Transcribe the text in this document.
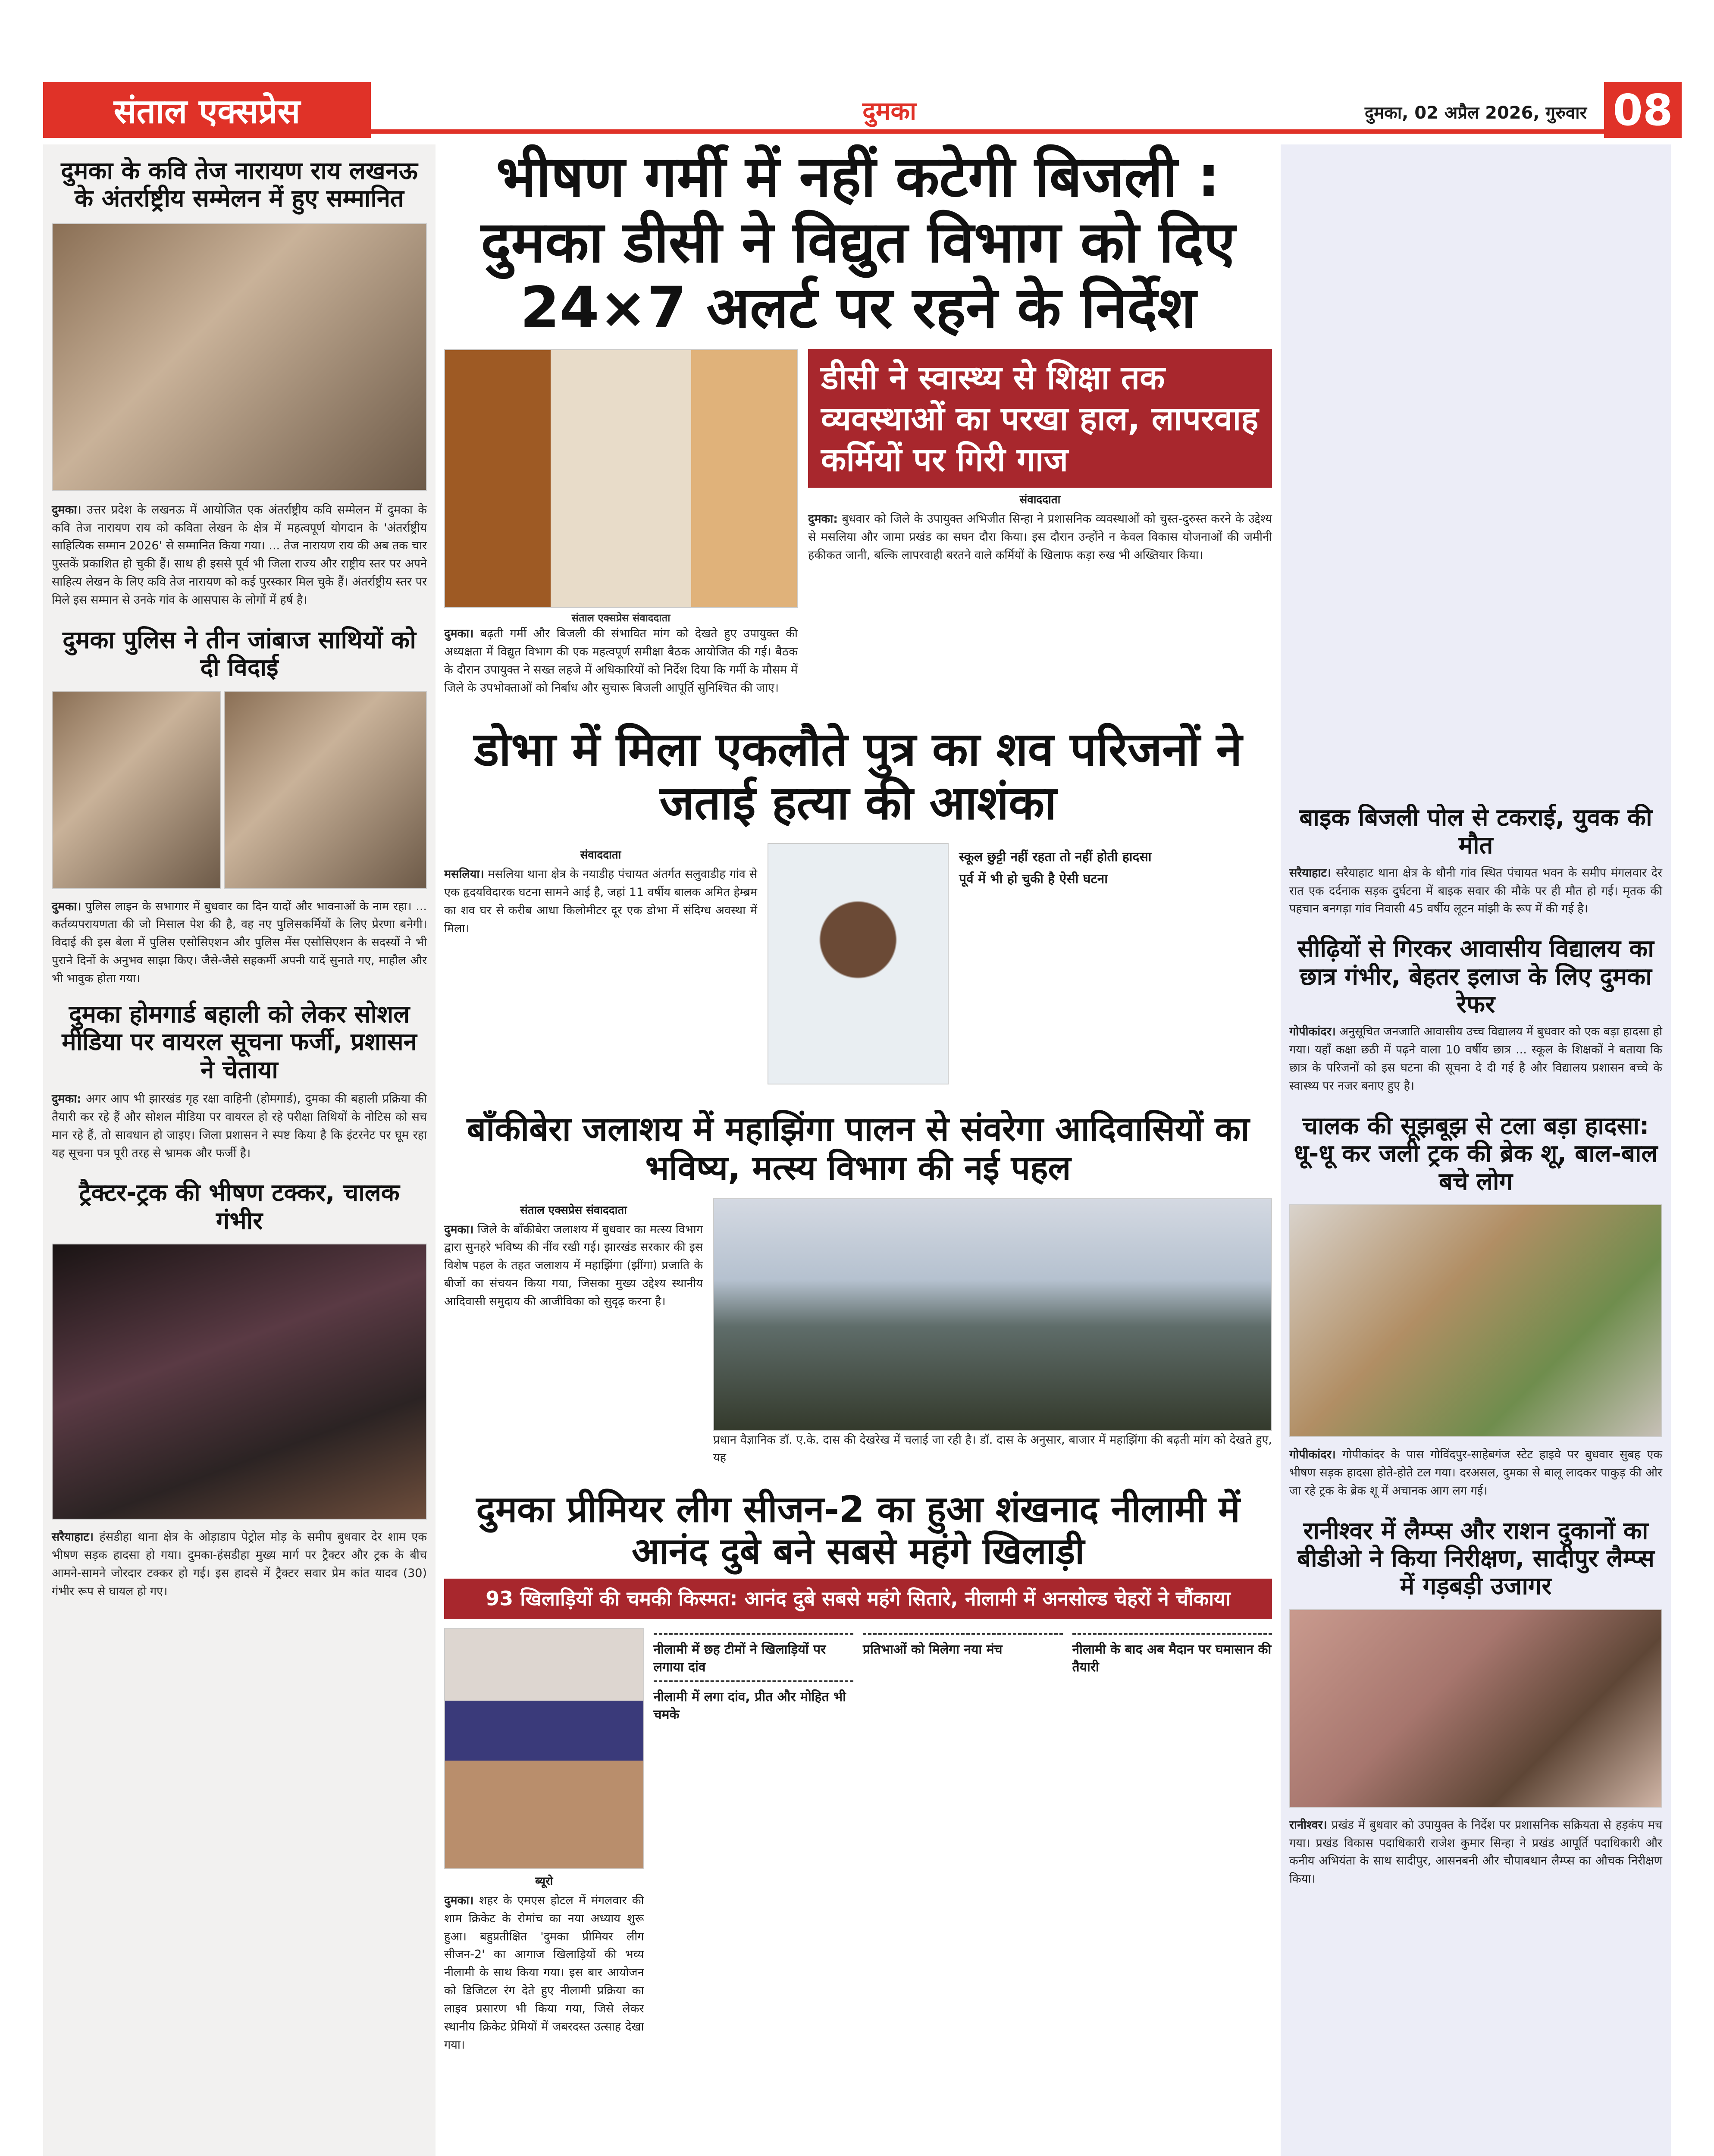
संताल एक्सप्रेस	दुमका	दुमका, 02 अप्रैल 2026, गुरुवार 08
दुमका के कवि तेज नारायण राय लखनऊ के अंतर्राष्ट्रीय सम्मेलन में हुए सम्मानित

दुमका। उत्तर प्रदेश के लखनऊ में आयोजित एक अंतर्राष्ट्रीय कवि सम्मेलन में दुमका के कवि तेज नारायण राय को कविता लेखन के क्षेत्र में महत्वपूर्ण योगदान के 'अंतर्राष्ट्रीय साहित्यिक सम्मान 2026' से सम्मानित किया गया। ... तेज नारायण राय की अब तक चार पुस्तकें प्रकाशित हो चुकी हैं। साथ ही इससे पूर्व भी जिला राज्य और राष्ट्रीय स्तर पर अपने साहित्य लेखन के लिए कवि तेज नारायण को कई पुरस्कार मिल चुके हैं। अंतर्राष्ट्रीय स्तर पर मिले इस सम्मान से उनके गांव के आसपास के लोगों में हर्ष है।

दुमका पुलिस ने तीन जांबाज साथियों को दी विदाई

दुमका। पुलिस लाइन के सभागार में बुधवार का दिन यादों और भावनाओं के नाम रहा। ... कर्तव्यपरायणता की जो मिसाल पेश की है, वह नए पुलिसकर्मियों के लिए प्रेरणा बनेगी। विदाई की इस बेला में पुलिस एसोसिएशन और पुलिस मेंस एसोसिएशन के सदस्यों ने भी पुराने दिनों के अनुभव साझा किए। जैसे-जैसे सहकर्मी अपनी यादें सुनाते गए, माहौल और भी भावुक होता गया।

दुमका होमगार्ड बहाली को लेकर सोशल मीडिया पर वायरल सूचना फर्जी, प्रशासन ने चेताया

दुमका: अगर आप भी झारखंड गृह रक्षा वाहिनी (होमगार्ड), दुमका की बहाली प्रक्रिया की तैयारी कर रहे हैं और सोशल मीडिया पर वायरल हो रहे परीक्षा तिथियों के नोटिस को सच मान रहे हैं, तो सावधान हो जाइए। जिला प्रशासन ने स्पष्ट किया है कि इंटरनेट पर घूम रहा यह सूचना पत्र पूरी तरह से भ्रामक और फर्जी है।

ट्रैक्टर-ट्रक की भीषण टक्कर, चालक गंभीर

सरैयाहाट। हंसडीहा थाना क्षेत्र के ओड़ाडाप पेट्रोल मोड़ के समीप बुधवार देर शाम एक भीषण सड़क हादसा हो गया। दुमका-हंसडीहा मुख्य मार्ग पर ट्रैक्टर और ट्रक के बीच आमने-सामने जोरदार टक्कर हो गई। इस हादसे में ट्रैक्टर सवार प्रेम कांत यादव (30) गंभीर रूप से घायल हो गए।

भीषण गर्मी में नहीं कटेगी बिजली : दुमका डीसी ने विद्युत विभाग को दिए 24×7 अलर्ट पर रहने के निर्देश
संताल एक्सप्रेस संवाददाता

दुमका। बढ़ती गर्मी और बिजली की संभावित मांग को देखते हुए उपायुक्त की अध्यक्षता में विद्युत विभाग की एक महत्वपूर्ण समीक्षा बैठक आयोजित की गई। बैठक के दौरान उपायुक्त ने सख्त लहजे में अधिकारियों को निर्देश दिया कि गर्मी के मौसम में जिले के उपभोक्ताओं को निर्बाध और सुचारू बिजली आपूर्ति सुनिश्चित की जाए।

डीसी ने स्वास्थ्य से शिक्षा तक व्यवस्थाओं का परखा हाल, लापरवाह कर्मियों पर गिरी गाज
संवाददाता

दुमका: बुधवार को जिले के उपायुक्त अभिजीत सिन्हा ने प्रशासनिक व्यवस्थाओं को चुस्त-दुरुस्त करने के उद्देश्य से मसलिया और जामा प्रखंड का सघन दौरा किया। इस दौरान उन्होंने न केवल विकास योजनाओं की जमीनी हकीकत जानी, बल्कि लापरवाही बरतने वाले कर्मियों के खिलाफ कड़ा रुख भी अख्तियार किया।

डोभा में मिला एकलौते पुत्र का शव परिजनों ने जताई हत्या की आशंका
संवाददाता

मसलिया। मसलिया थाना क्षेत्र के नयाडीह पंचायत अंतर्गत सलुवाडीह गांव से एक हृदयविदारक घटना सामने आई है, जहां 11 वर्षीय बालक अमित हेम्ब्रम का शव घर से करीब आधा किलोमीटर दूर एक डोभा में संदिग्ध अवस्था में मिला।

स्कूल छुट्टी नहीं रहता तो नहीं होती हादसा
पूर्व में भी हो चुकी है ऐसी घटना
बाँकीबेरा जलाशय में महाझिंगा पालन से संवरेगा आदिवासियों का भविष्य, मत्स्य विभाग की नई पहल
संताल एक्सप्रेस संवाददाता

दुमका। जिले के बाँकीबेरा जलाशय में बुधवार का मत्स्य विभाग द्वारा सुनहरे भविष्य की नींव रखी गई। झारखंड सरकार की इस विशेष पहल के तहत जलाशय में महाझिंगा (झींगा) प्रजाति के बीजों का संचयन किया गया, जिसका मुख्य उद्देश्य स्थानीय आदिवासी समुदाय की आजीविका को सुदृढ़ करना है।

प्रधान वैज्ञानिक डॉ. ए.के. दास की देखरेख में चलाई जा रही है। डॉ. दास के अनुसार, बाजार में महाझिंगा की बढ़ती मांग को देखते हुए, यह

दुमका प्रीमियर लीग सीजन-2 का हुआ शंखनाद नीलामी में आनंद दुबे बने सबसे महंगे खिलाड़ी
93 खिलाड़ियों की चमकी किस्मत: आनंद दुबे सबसे महंगे सितारे, नीलामी में अनसोल्ड चेहरों ने चौंकाया
ब्यूरो

दुमका। शहर के एमएस होटल में मंगलवार की शाम क्रिकेट के रोमांच का नया अध्याय शुरू हुआ। बहुप्रतीक्षित 'दुमका प्रीमियर लीग सीजन-2' का आगाज खिलाड़ियों की भव्य नीलामी के साथ किया गया। इस बार आयोजन को डिजिटल रंग देते हुए नीलामी प्रक्रिया का लाइव प्रसारण भी किया गया, जिसे लेकर स्थानीय क्रिकेट प्रेमियों में जबरदस्त उत्साह देखा गया।

नीलामी में छह टीमों ने खिलाड़ियों पर लगाया दांव
नीलामी में लगा दांव, प्रीत और मोहित भी चमके
प्रतिभाओं को मिलेगा नया मंच	नीलामी के बाद अब मैदान पर घमासान की तैयारी
बाइक बिजली पोल से टकराई, युवक की मौत

सरैयाहाट। सरैयाहाट थाना क्षेत्र के धौनी गांव स्थित पंचायत भवन के समीप मंगलवार देर रात एक दर्दनाक सड़क दुर्घटना में बाइक सवार की मौके पर ही मौत हो गई। मृतक की पहचान बनगड़ा गांव निवासी 45 वर्षीय लूटन मांझी के रूप में की गई है।

सीढ़ियों से गिरकर आवासीय विद्यालय का छात्र गंभीर, बेहतर इलाज के लिए दुमका रेफर

गोपीकांदर। अनुसूचित जनजाति आवासीय उच्च विद्यालय में बुधवार को एक बड़ा हादसा हो गया। यहाँ कक्षा छठी में पढ़ने वाला 10 वर्षीय छात्र ... स्कूल के शिक्षकों ने बताया कि छात्र के परिजनों को इस घटना की सूचना दे दी गई है और विद्यालय प्रशासन बच्चे के स्वास्थ्य पर नजर बनाए हुए है।

चालक की सूझबूझ से टला बड़ा हादसा: धू-धू कर जली ट्रक की ब्रेक शू, बाल-बाल बचे लोग

गोपीकांदर। गोपीकांदर के पास गोविंदपुर-साहेबगंज स्टेट हाइवे पर बुधवार सुबह एक भीषण सड़क हादसा होते-होते टल गया। दरअसल, दुमका से बालू लादकर पाकुड़ की ओर जा रहे ट्रक के ब्रेक शू में अचानक आग लग गई।

रानीश्वर में लैम्प्स और राशन दुकानों का बीडीओ ने किया निरीक्षण, सादीपुर लैम्प्स में गड़बड़ी उजागर

रानीश्वर। प्रखंड में बुधवार को उपायुक्त के निर्देश पर प्रशासनिक सक्रियता से हड़कंप मच गया। प्रखंड विकास पदाधिकारी राजेश कुमार सिन्हा ने प्रखंड आपूर्ति पदाधिकारी और कनीय अभियंता के साथ सादीपुर, आसनबनी और चौपाबथान लैम्प्स का औचक निरीक्षण किया।
